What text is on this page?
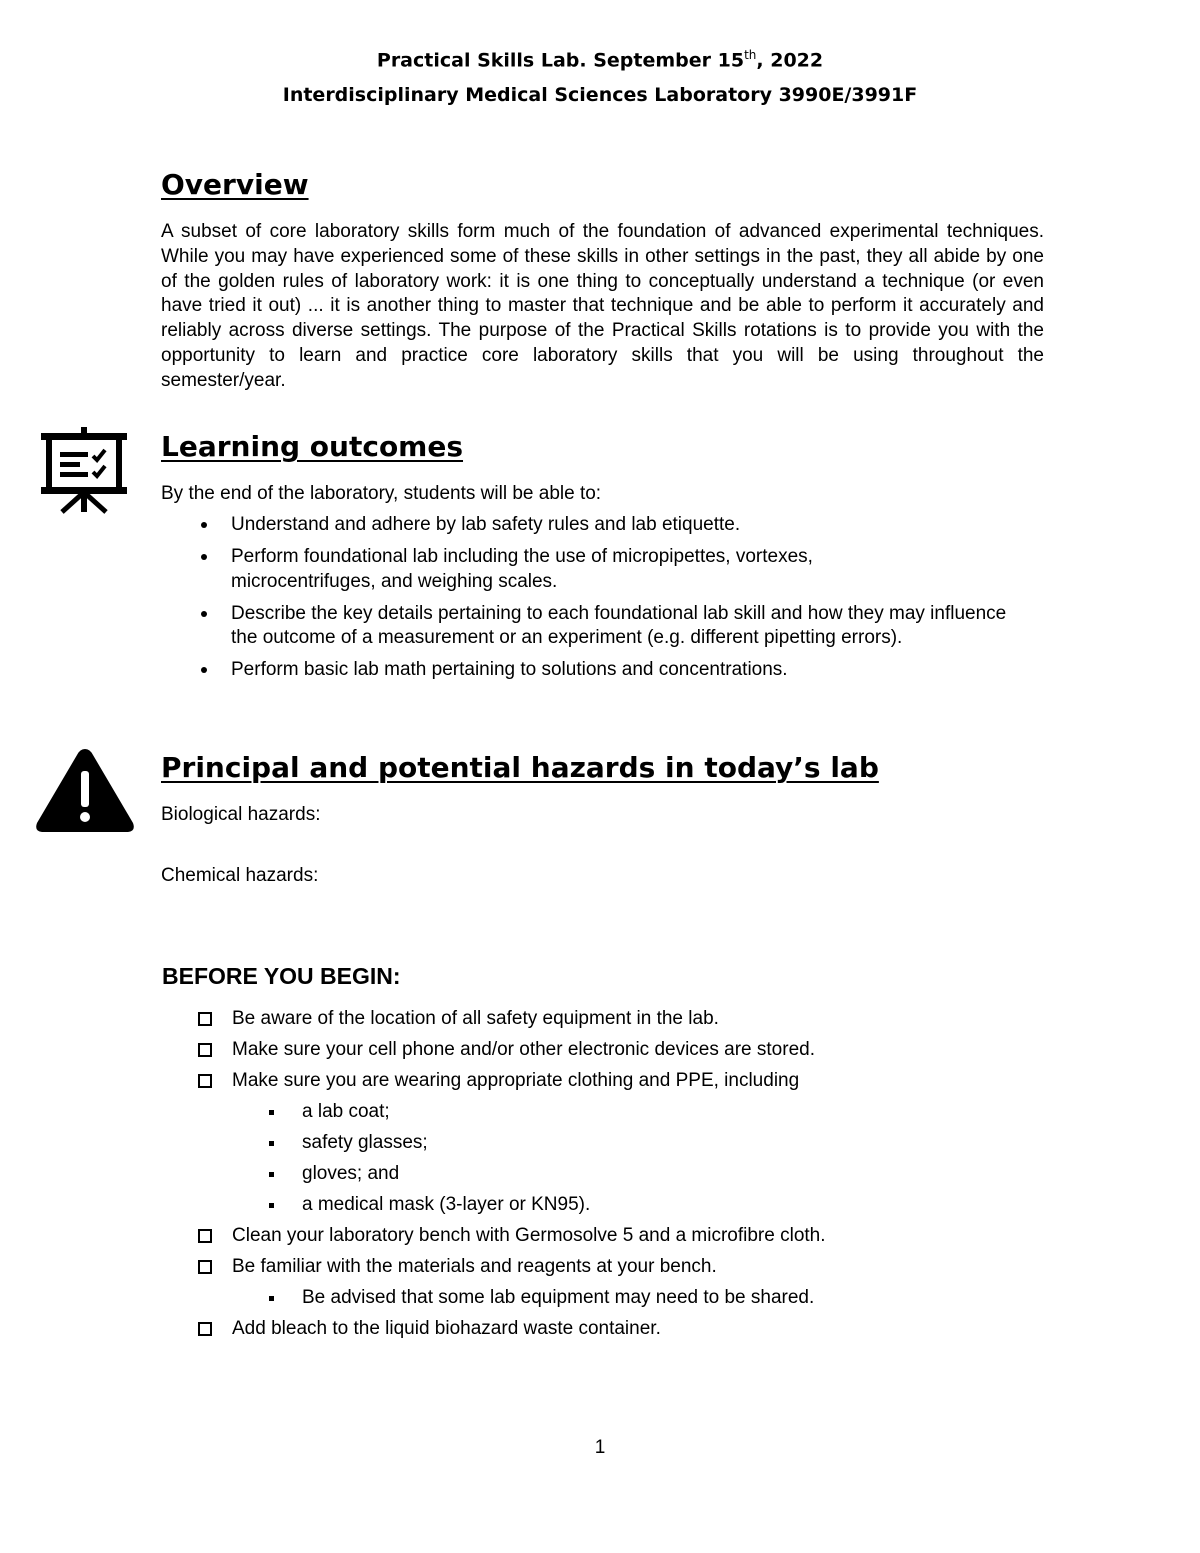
Practical Skills Lab. September 15th, 2022
Interdisciplinary Medical Sciences Laboratory 3990E/3991F
Overview

A subset of core laboratory skills form much of the foundation of advanced experimental techniques. While you may have experienced some of these skills in other settings in the past, they all abide by one of the golden rules of laboratory work: it is one thing to conceptually understand a technique (or even have tried it out) ... it is another thing to master that technique and be able to perform it accurately and reliably across diverse settings. The purpose of the Practical Skills rotations is to provide you with the opportunity to learn and practice core laboratory skills that you will be using throughout the semester/year.

Learning outcomes
By the end of the laboratory, students will be able to:
Understand and adhere by lab safety rules and lab etiquette.
Perform foundational lab including the use of micropipettes, vortexes, microcentrifuges, and weighing scales.
Describe the key details pertaining to each foundational lab skill and how they may influence the outcome of a measurement or an experiment (e.g. different pipetting errors).
Perform basic lab math pertaining to solutions and concentrations.
Principal and potential hazards in today’s lab
Biological hazards:
Chemical hazards:
BEFORE YOU BEGIN:
Be aware of the location of all safety equipment in the lab.
Make sure your cell phone and/or other electronic devices are stored.
Make sure you are wearing appropriate clothing and PPE, including
a lab coat;
safety glasses;
gloves; and
a medical mask (3-layer or KN95).
Clean your laboratory bench with Germosolve 5 and a microfibre cloth.
Be familiar with the materials and reagents at your bench.
Be advised that some lab equipment may need to be shared.
Add bleach to the liquid biohazard waste container.
1
